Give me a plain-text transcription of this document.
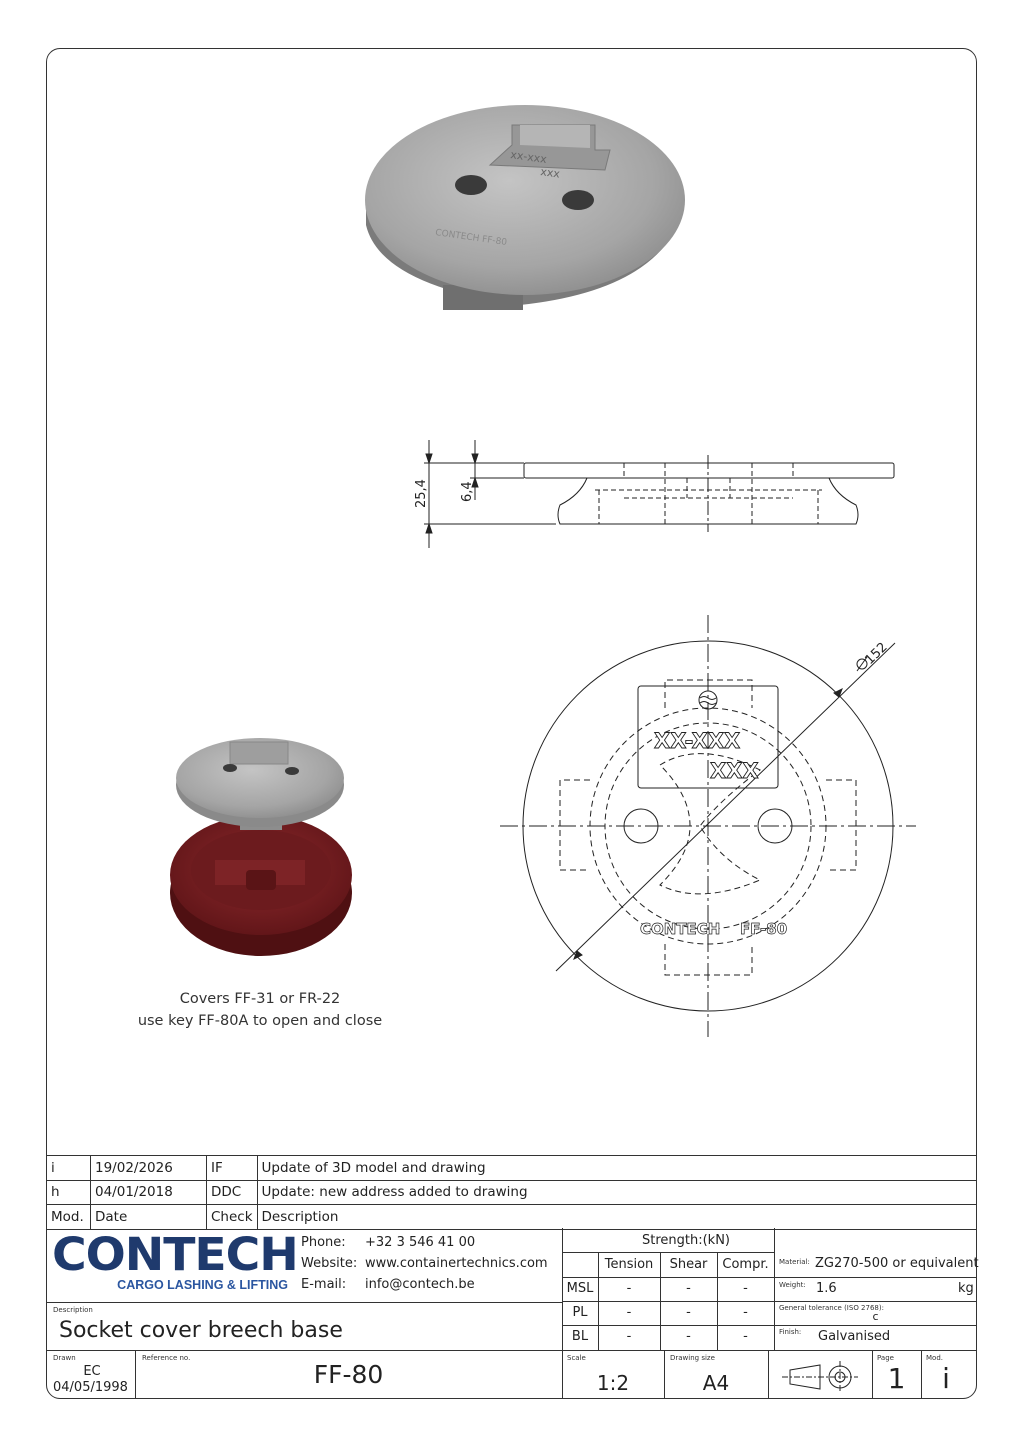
xx-xxx
xxx
CONTECH FF-80
25,4 6,4
152
XX-XXX
XXX
CONTECH FF-80
Covers FF-31 or FR-22
use key FF-80A to open and close
i	19/02/2026	IF	Update of 3D model and drawing
h	04/01/2018	DDC	Update: new address added to drawing
Mod.	Date	Check	Description
CONTECH
CARGO LASHING & LIFTING
Phone: +32 3 546 41 00
Website: www.containertechnics.com
E-mail: info@contech.be
Description
Socket cover breech base
Strength:(kN)
Tension	Shear	Compr.
MSL	-	-	-
PL	-	-	-
BL	-	-	-
Material: ZG270-500 or equivalent
Weight: 1.6	kg
General tolerance (ISO 2768):
c
Finish: Galvanised
Drawn
EC
04/05/1998
Reference no.
FF-80
Scale
1:2
Drawing size
A4
Page
1
Mod.
i
